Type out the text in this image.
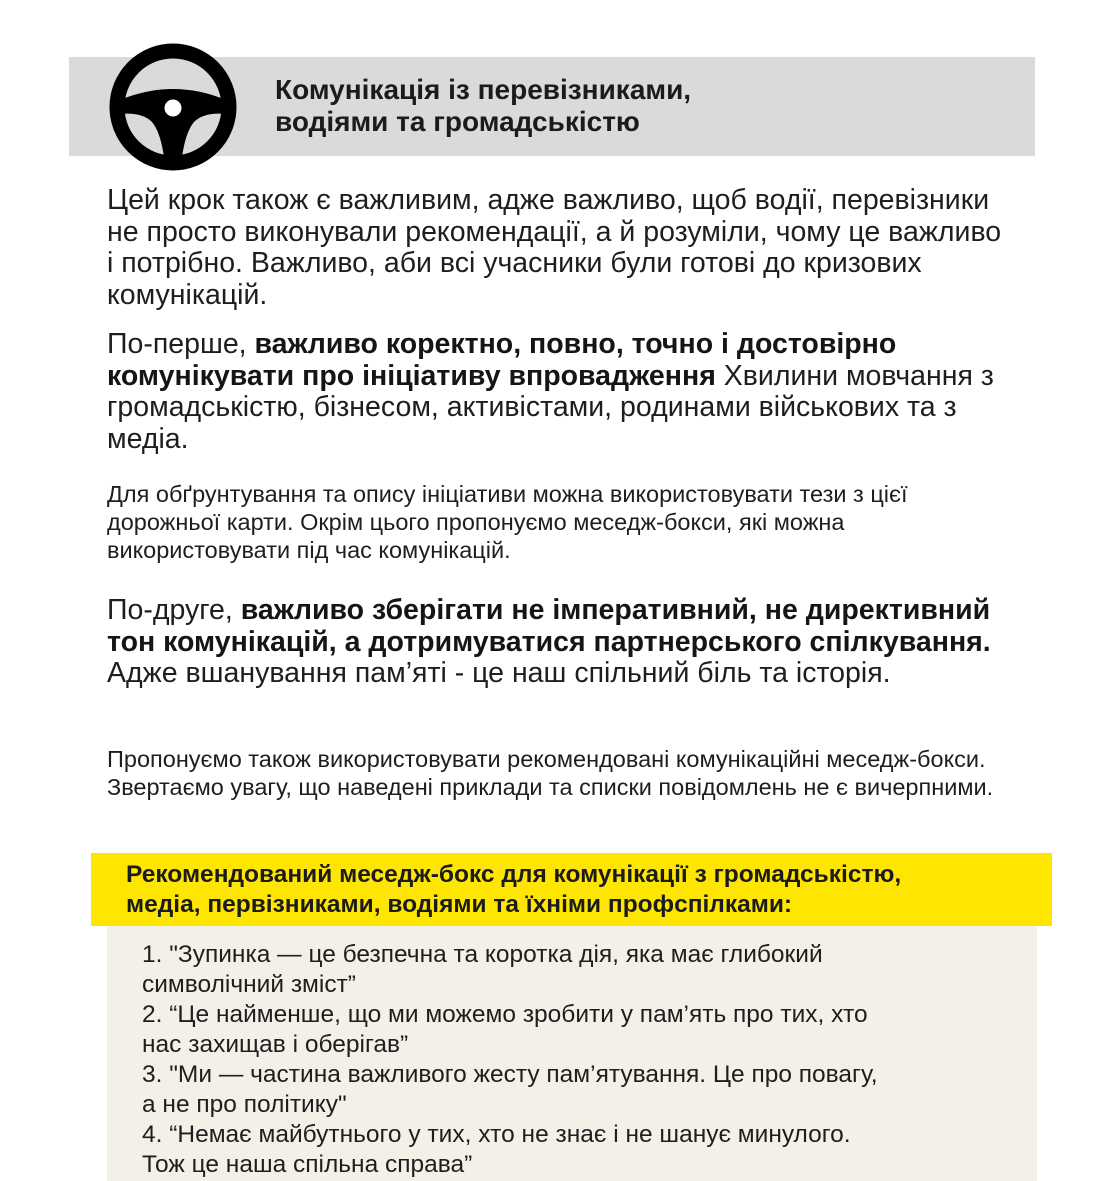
Комунікація із перевізниками,
водіями та громадськістю

Цей крок також є важливим, адже важливо, щоб водії, перевізники не просто виконували рекомендації, а й розуміли, чому це важливо і потрібно. Важливо, аби всі учасники були готові до кризових комунікацій.

По-перше, важливо коректно, повно, точно і достовірно комунікувати про ініціативу впровадження Хвилини мовчання з громадськістю, бізнесом, активістами, родинами військових та з медіа.

Для обґрунтування та опису ініціативи можна використовувати тези з цієї дорожньої карти. Окрім цього пропонуємо меседж-бокси, які можна використовувати під час комунікацій.

По-друге, важливо зберігати не імперативний, не директивний тон комунікацій, а дотримуватися партнерського спілкування. Адже вшанування пам’яті - це наш спільний біль та історія.

Пропонуємо також використовувати рекомендовані комунікаційні меседж-бокси. Звертаємо увагу, що наведені приклади та списки повідомлень не є вичерпними.

Рекомендований меседж-бокс для комунікації з громадськістю,
медіа, первізниками, водіями та їхніми профспілками:
1. "Зупинка — це безпечна та коротка дія, яка має глибокий
символічний зміст”
2. “Це найменше, що ми можемо зробити у пам’ять про тих, хто
нас захищав і оберігав”
3. "Ми — частина важливого жесту пам’ятування. Це про повагу,
а не про політику"
4. “Немає майбутнього у тих, хто не знає і не шанує минулого.
Тож це наша спільна справа”
